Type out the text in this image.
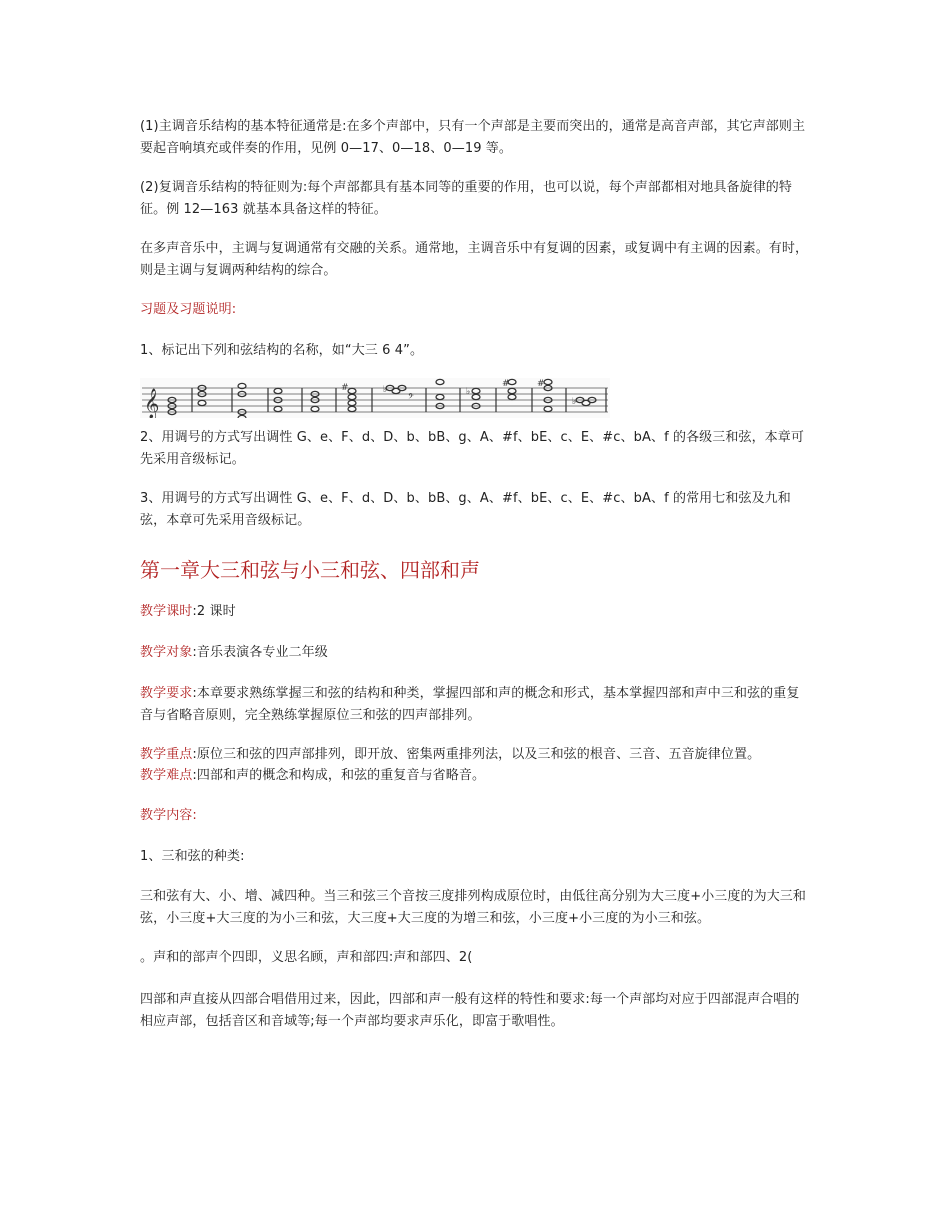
(1)主调音乐结构的基本特征通常是:在多个声部中，只有一个声部是主要而突出的，通常是高音声部，其它声部则主要起音响填充或伴奏的作用，见例 0—17、0—18、0—19 等。

(2)复调音乐结构的特征则为:每个声部都具有基本同等的重要的作用，也可以说，每个声部都相对地具备旋律的特征。例 12—163 就基本具备这样的特征。

在多声音乐中，主调与复调通常有交融的关系。通常地，主调音乐中有复调的因素，或复调中有主调的因素。有时，则是主调与复调两种结构的综合。

习题及习题说明:

1、标记出下列和弦结构的名称，如“大三 6 4”。

𝄞
#	♭
𝄢
♭
#	#
♭

2、用调号的方式写出调性 G、e、F、d、D、b、bB、g、A、#f、bE、c、E、#c、bA、f 的各级三和弦，本章可先采用音级标记。

3、用调号的方式写出调性 G、e、F、d、D、b、bB、g、A、#f、bE、c、E、#c、bA、f 的常用七和弦及九和弦，本章可先采用音级标记。

第一章大三和弦与小三和弦、四部和声

教学课时:2 课时

教学对象:音乐表演各专业二年级

教学要求:本章要求熟练掌握三和弦的结构和种类，掌握四部和声的概念和形式，基本掌握四部和声中三和弦的重复音与省略音原则，完全熟练掌握原位三和弦的四声部排列。

教学重点:原位三和弦的四声部排列，即开放、密集两重排列法，以及三和弦的根音、三音、五音旋律位置。

教学难点:四部和声的概念和构成，和弦的重复音与省略音。

教学内容:

1、三和弦的种类:

三和弦有大、小、增、减四种。当三和弦三个音按三度排列构成原位时，由低往高分别为大三度+小三度的为大三和弦，小三度+大三度的为小三和弦，大三度+大三度的为增三和弦，小三度+小三度的为小三和弦。

。声和的部声个四即，义思名顾，声和部四:声和部四、2(

四部和声直接从四部合唱借用过来，因此，四部和声一般有这样的特性和要求:每一个声部均对应于四部混声合唱的相应声部，包括音区和音域等;每一个声部均要求声乐化，即富于歌唱性。
